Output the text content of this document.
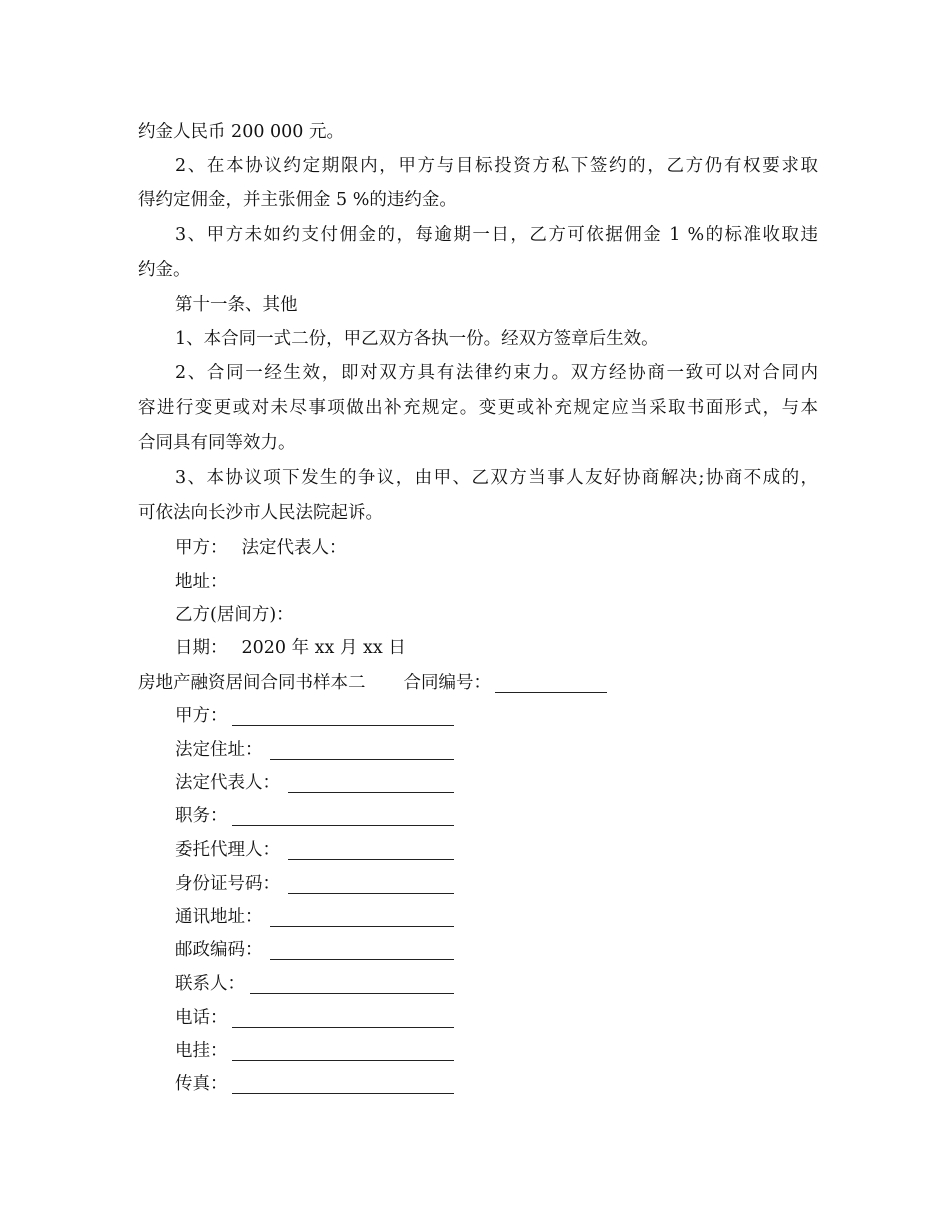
约金人民币 200 000 元。
2、在本协议约定期限内，甲方与目标投资方私下签约的，乙方仍有权要求取
得约定佣金，并主张佣金 5 %的违约金。
3、甲方未如约支付佣金的，每逾期一日，乙方可依据佣金 1 %的标准收取违
约金。
第十一条、其他
1、本合同一式二份，甲乙双方各执一份。经双方签章后生效。
2、合同一经生效，即对双方具有法律约束力。双方经协商一致可以对合同内
容进行变更或对未尽事项做出补充规定。变更或补充规定应当采取书面形式，与本
合同具有同等效力。
3、本协议项下发生的争议，由甲、乙双方当事人友好协商解决;协商不成的，
可依法向长沙市人民法院起诉。
甲方： 法定代表人：
地址：
乙方(居间方)：
日期： 2020 年 xx 月 xx 日
房地产融资居间合同书样本二 合同编号：
甲方：
法定住址：
法定代表人：
职务：
委托代理人：
身份证号码：
通讯地址：
邮政编码：
联系人：
电话：
电挂：
传真：
